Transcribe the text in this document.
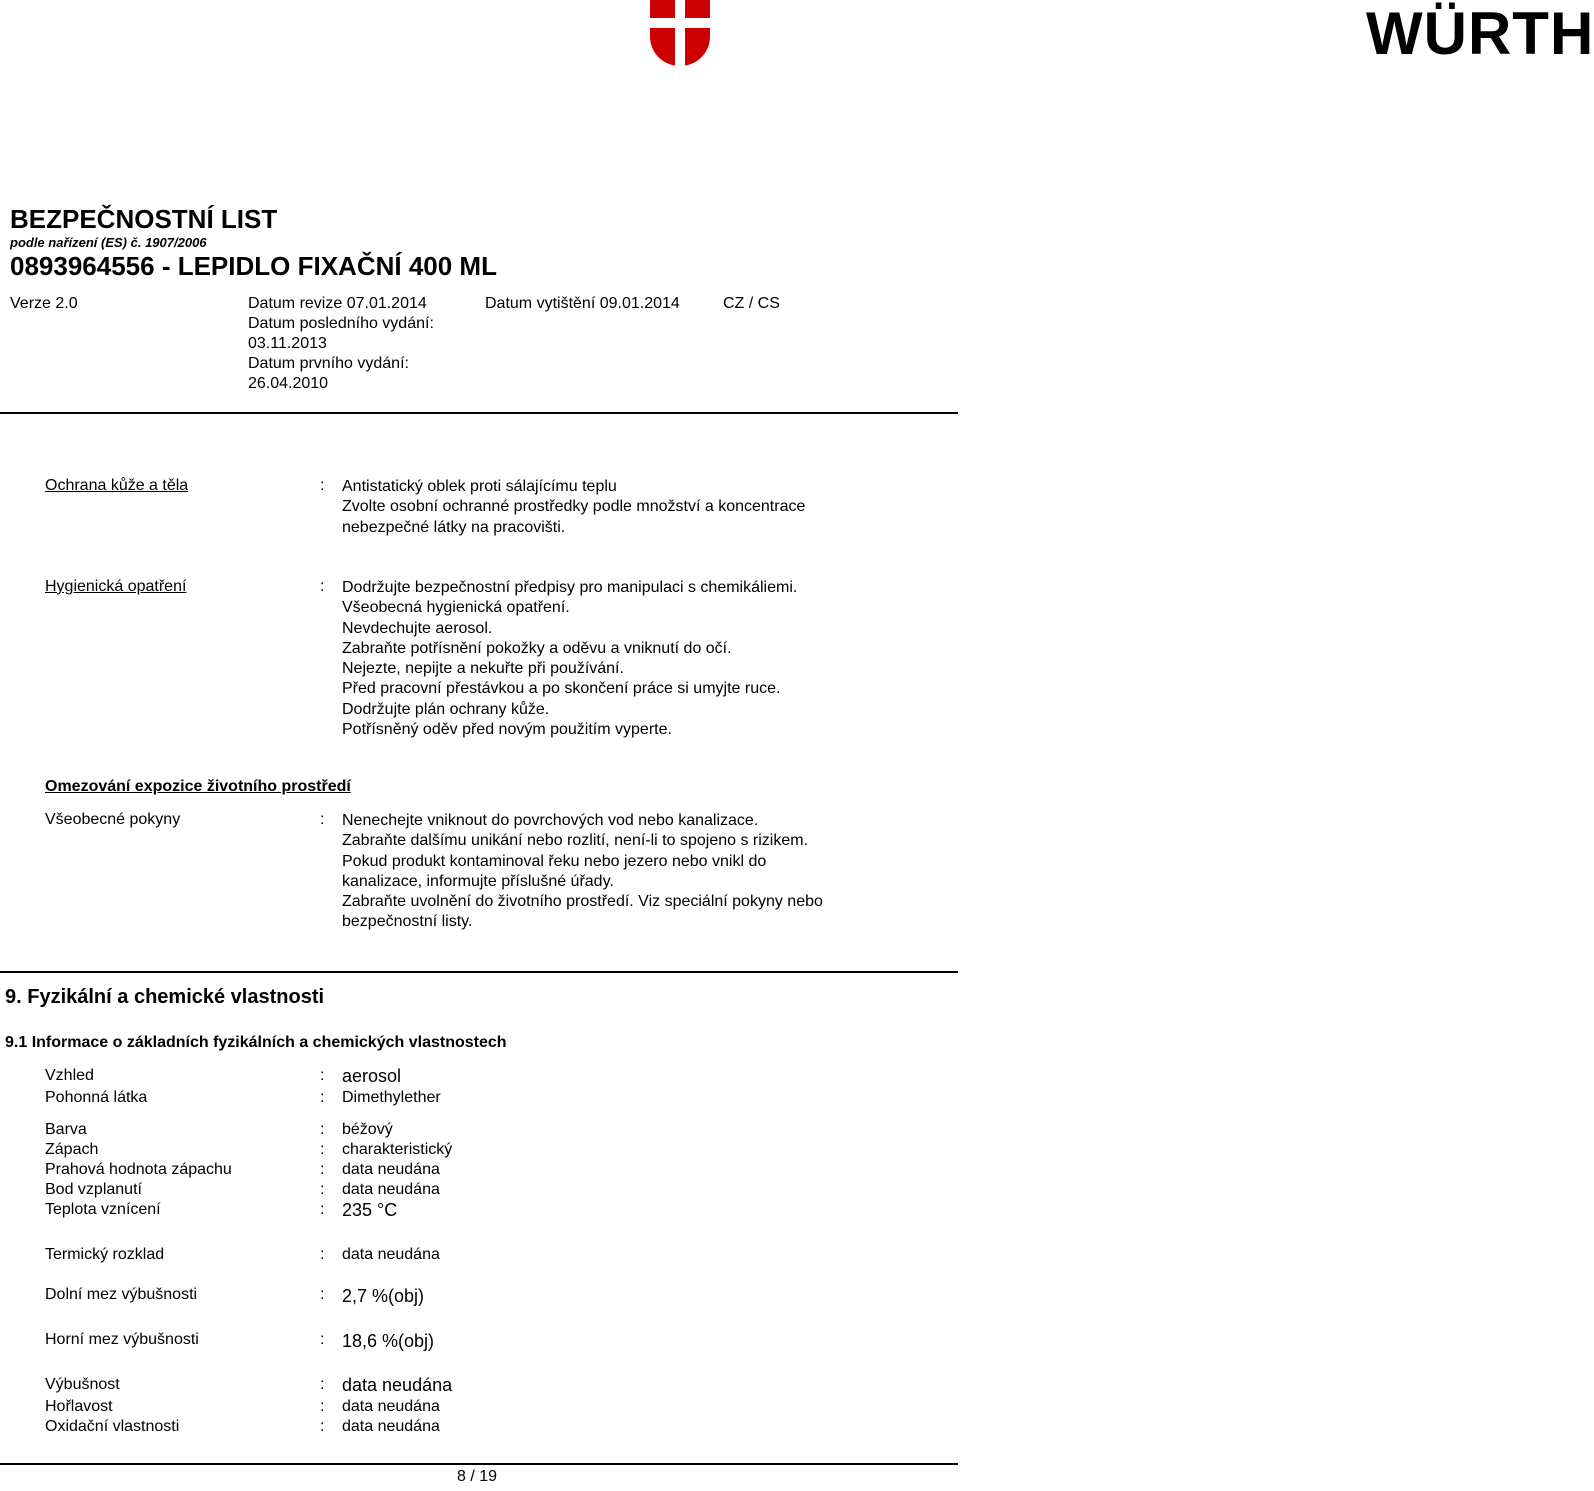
WÜRTH
BEZPEČNOSTNÍ LIST
podle nařízení (ES) č. 1907/2006
0893964556 - LEPIDLO FIXAČNÍ 400 ML
Verze 2.0	Datum revize 07.01.2014
Datum posledního vydání:
03.11.2013
Datum prvního vydání:
26.04.2010
Datum vytištění 09.01.2014	CZ / CS
Ochrana kůže a těla	: Antistatický oblek proti sálajícímu teplu
Zvolte osobní ochranné prostředky podle množství a koncentrace
nebezpečné látky na pracovišti.
Hygienická opatření	: Dodržujte bezpečnostní předpisy pro manipulaci s chemikáliemi.
Všeobecná hygienická opatření.
Nevdechujte aerosol.
Zabraňte potřísnění pokožky a oděvu a vniknutí do očí.
Nejezte, nepijte a nekuřte při používání.
Před pracovní přestávkou a po skončení práce si umyjte ruce.
Dodržujte plán ochrany kůže.
Potřísněný oděv před novým použitím vyperte.
Omezování expozice životního prostředí
Všeobecné pokyny	: Nenechejte vniknout do povrchových vod nebo kanalizace.
Zabraňte dalšímu unikání nebo rozlití, není-li to spojeno s rizikem.
Pokud produkt kontaminoval řeku nebo jezero nebo vnikl do
kanalizace, informujte příslušné úřady.
Zabraňte uvolnění do životního prostředí. Viz speciální pokyny nebo
bezpečnostní listy.
9. Fyzikální a chemické vlastnosti
9.1 Informace o základních fyzikálních a chemických vlastnostech
Vzhled	: aerosol
Pohonná látka	: Dimethylether
Barva	: béžový
Zápach	: charakteristický
Prahová hodnota zápachu	: data neudána
Bod vzplanutí	: data neudána
Teplota vznícení	: 235 °C
Termický rozklad	: data neudána
Dolní mez výbušnosti	: 2,7 %(obj)
Horní mez výbušnosti	: 18,6 %(obj)
Výbušnost	: data neudána
Hořlavost	: data neudána
Oxidační vlastnosti	: data neudána
8 / 19
